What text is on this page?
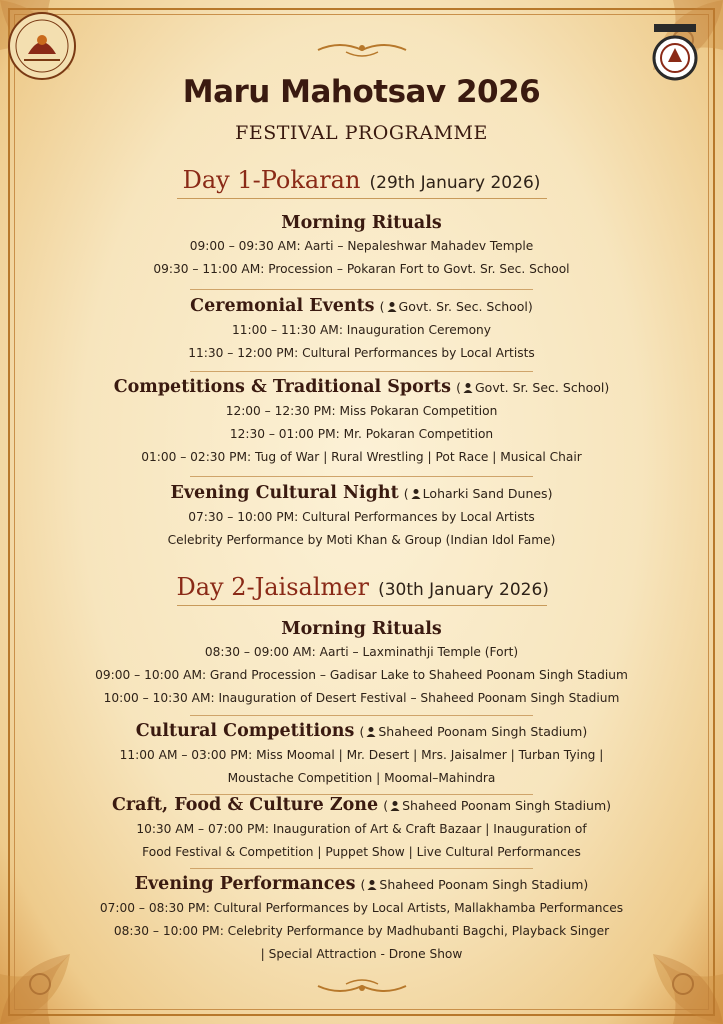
Maru Mahotsav 2026
FESTIVAL PROGRAMME
Day 1-Pokaran (29th January 2026)
Morning Rituals
09:00 – 09:30 AM: Aarti – Nepaleshwar Mahadev Temple
09:30 – 11:00 AM: Procession – Pokaran Fort to Govt. Sr. Sec. School
Ceremonial Events ( Govt. Sr. Sec. School)
11:00 – 11:30 AM: Inauguration Ceremony
11:30 – 12:00 PM: Cultural Performances by Local Artists
Competitions & Traditional Sports ( Govt. Sr. Sec. School)
12:00 – 12:30 PM: Miss Pokaran Competition
12:30 – 01:00 PM: Mr. Pokaran Competition
01:00 – 02:30 PM: Tug of War | Rural Wrestling | Pot Race | Musical Chair
Evening Cultural Night ( Loharki Sand Dunes)
07:30 – 10:00 PM: Cultural Performances by Local Artists
Celebrity Performance by Moti Khan & Group (Indian Idol Fame)
Day 2-Jaisalmer (30th January 2026)
Morning Rituals
08:30 – 09:00 AM: Aarti – Laxminathji Temple (Fort)
09:00 – 10:00 AM: Grand Procession – Gadisar Lake to Shaheed Poonam Singh Stadium
10:00 – 10:30 AM: Inauguration of Desert Festival – Shaheed Poonam Singh Stadium
Cultural Competitions ( Shaheed Poonam Singh Stadium)
11:00 AM – 03:00 PM: Miss Moomal | Mr. Desert | Mrs. Jaisalmer | Turban Tying |
Moustache Competition | Moomal–Mahindra
Craft, Food & Culture Zone ( Shaheed Poonam Singh Stadium)
10:30 AM – 07:00 PM: Inauguration of Art & Craft Bazaar | Inauguration of
Food Festival & Competition | Puppet Show | Live Cultural Performances
Evening Performances ( Shaheed Poonam Singh Stadium)
07:00 – 08:30 PM: Cultural Performances by Local Artists, Mallakhamba Performances
08:30 – 10:00 PM: Celebrity Performance by Madhubanti Bagchi, Playback Singer
| Special Attraction - Drone Show
